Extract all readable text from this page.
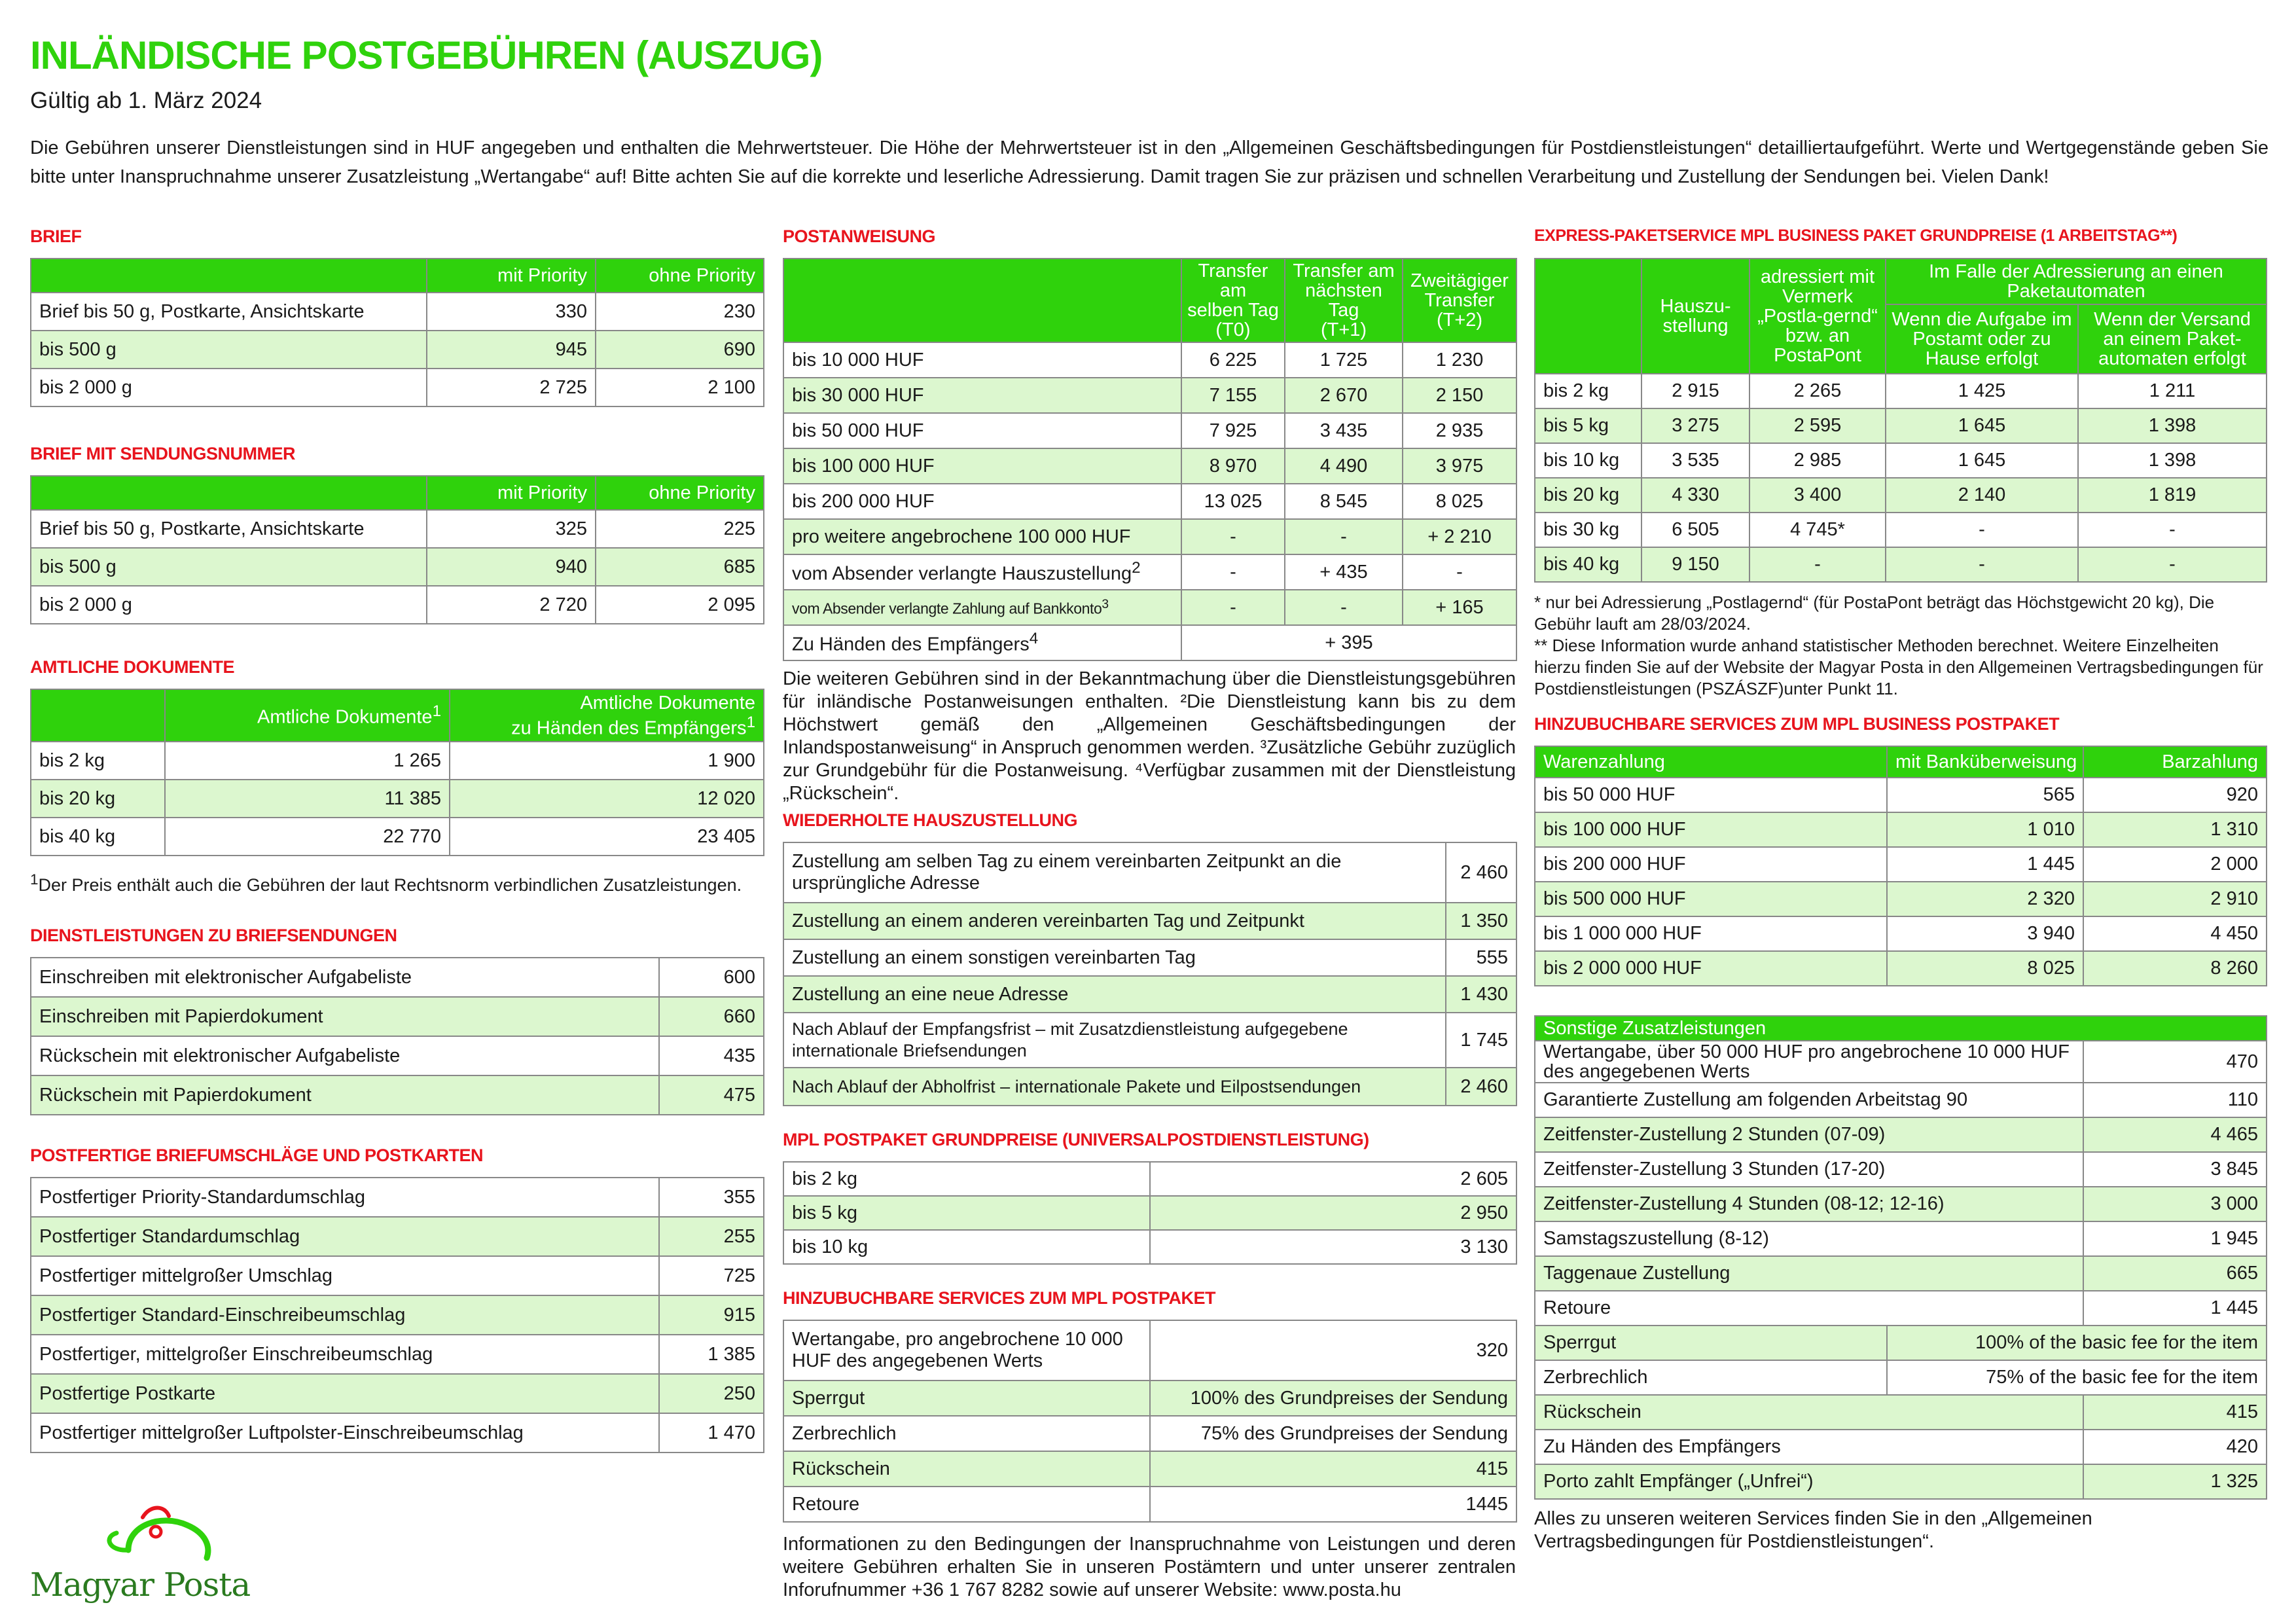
INLÄNDISCHE POSTGEBÜHREN (AUSZUG)

Gültig ab 1. März 2024

Die Gebühren unserer Dienstleistungen sind in HUF angegeben und enthalten die Mehrwertsteuer. Die Höhe der Mehrwertsteuer ist in den „Allgemeinen Geschäftsbedingungen für Postdienstleistungen“ detailliertaufgeführt. Werte und Wertgegenstände geben Sie bitte unter Inanspruchnahme unserer Zusatzleistung „Wertangabe“ auf! Bitte achten Sie auf die korrekte und leserliche Adressierung. Damit tragen Sie zur präzisen und schnellen Verarbeitung und Zustellung der Sendungen bei. Vielen Dank!

BRIEF
	mit Priority	ohne Priority
Brief bis 50 g, Postkarte, Ansichtskarte	330	230
bis 500 g	945	690
bis 2 000 g	2 725	2 100
BRIEF MIT SENDUNGSNUMMER
	mit Priority	ohne Priority
Brief bis 50 g, Postkarte, Ansichtskarte	325	225
bis 500 g	940	685
bis 2 000 g	2 720	2 095
AMTLICHE DOKUMENTE
	Amtliche Dokumente$^1$	Amtliche Dokumente
zu Händen des Empfängers$^1$
bis 2 kg	1 265	1 900
bis 20 kg	11 385	12 020
bis 40 kg	22 770	23 405

$^1$Der Preis enthält auch die Gebühren der laut Rechtsnorm verbindlichen Zusatzleistungen.

DIENSTLEISTUNGEN ZU BRIEFSENDUNGEN
Einschreiben mit elektronischer Aufgabeliste	600
Einschreiben mit Papierdokument	660
Rückschein mit elektronischer Aufgabeliste	435
Rückschein mit Papierdokument	475
POSTFERTIGE BRIEFUMSCHLÄGE UND POSTKARTEN
Postfertiger Priority-Standardumschlag	355
Postfertiger Standardumschlag	255
Postfertiger mittelgroßer Umschlag	725
Postfertiger Standard-Einschreibeumschlag	915
Postfertiger, mittelgroßer Einschreibeumschlag	1 385
Postfertige Postkarte	250
Postfertiger mittelgroßer Luftpolster-Einschreibeumschlag	1 470
Magyar Posta
POSTANWEISUNG
	Transfer am
selben Tag
(T0)	Transfer am
nächsten Tag
(T+1)	Zweitägiger
Transfer
(T+2)
bis 10 000 HUF	6 225	1 725	1 230
bis 30 000 HUF	7 155	2 670	2 150
bis 50 000 HUF	7 925	3 435	2 935
bis 100 000 HUF	8 970	4 490	3 975
bis 200 000 HUF	13 025	8 545	8 025
pro weitere angebrochene 100 000 HUF	-	-	+ 2 210
vom Absender verlangte Hauszustellung$^2$	-	+ 435	-
vom Absender verlangte Zahlung auf Bankkonto$^3$	-	-	+ 165
Zu Händen des Empfängers$^4$	+ 395		

Die weiteren Gebühren sind in der Bekanntmachung über die Dienstleistungsgebühren für inländische Postanweisungen enthalten. ²Die Dienstleistung kann bis zu dem Höchstwert gemäß den „Allgemeinen Geschäftsbedingungen der Inlandspostanweisung“ in Anspruch genommen werden. ³Zusätzliche Gebühr zuzüglich zur Grundgebühr für die Postanweisung. ⁴Verfügbar zusammen mit der Dienstleistung „Rückschein“.

WIEDERHOLTE HAUSZUSTELLUNG
Zustellung am selben Tag zu einem vereinbarten Zeitpunkt an die ursprüngliche Adresse	2 460
Zustellung an einem anderen vereinbarten Tag und Zeitpunkt	1 350
Zustellung an einem sonstigen vereinbarten Tag	555
Zustellung an eine neue Adresse	1 430
Nach Ablauf der Empfangsfrist – mit Zusatzdienstleistung aufgegebene internationale Briefsendungen	1 745
Nach Ablauf der Abholfrist – internationale Pakete und Eilpostsendungen	2 460
MPL POSTPAKET GRUNDPREISE (UNIVERSALPOSTDIENSTLEISTUNG)
bis 2 kg	2 605
bis 5 kg	2 950
bis 10 kg	3 130
HINZUBUCHBARE SERVICES ZUM MPL POSTPAKET
Wertangabe, pro angebrochene 10 000 HUF des angegebenen Werts	320
Sperrgut	100% des Grundpreises der Sendung
Zerbrechlich	75% des Grundpreises der Sendung
Rückschein	415
Retoure	1445

Informationen zu den Bedingungen der Inanspruchnahme von Leistungen und deren weitere Gebühren erhalten Sie in unseren Postämtern und unter unserer zentralen Inforufnummer +36 1 767 8282 sowie auf unserer Website: www.posta.hu

EXPRESS-PAKETSERVICE MPL BUSINESS PAKET GRUNDPREISE (1 ARBEITSTAG**)
	Hauszu-stellung	adressiert mit Vermerk „Postla-gernd“ bzw. an PostaPont	Im Falle der Adressierung an einen Paketautomaten	
			Wenn die Aufgabe im Postamt oder zu Hause erfolgt	Wenn der Versand an einem Paket-automaten erfolgt
bis 2 kg	2 915	2 265	1 425	1 211
bis 5 kg	3 275	2 595	1 645	1 398
bis 10 kg	3 535	2 985	1 645	1 398
bis 20 kg	4 330	3 400	2 140	1 819
bis 30 kg	6 505	4 745*	-	-
bis 40 kg	9 150	-	-	-

* nur bei Adressierung „Postlagernd“ (für PostaPont beträgt das Höchstgewicht 20 kg), Die Gebühr lauft am 28/03/2024.
** Diese Information wurde anhand statistischer Methoden berechnet. Weitere Einzelheiten hierzu finden Sie auf der Website der Magyar Posta in den Allgemeinen Vertragsbedingungen für Postdienstleistungen (PSZÁSZF)unter Punkt 11.

HINZUBUCHBARE SERVICES ZUM MPL BUSINESS POSTPAKET
Warenzahlung	mit Banküberweisung	Barzahlung
bis 50 000 HUF	565	920
bis 100 000 HUF	1 010	1 310
bis 200 000 HUF	1 445	2 000
bis 500 000 HUF	2 320	2 910
bis 1 000 000 HUF	3 940	4 450
bis 2 000 000 HUF	8 025	8 260
Sonstige Zusatzleistungen		
Wertangabe, über 50 000 HUF pro angebrochene 10 000 HUF des angegebenen Werts		470
Garantierte Zustellung am folgenden Arbeitstag 90		110
Zeitfenster-Zustellung 2 Stunden (07-09)		4 465
Zeitfenster-Zustellung 3 Stunden (17-20)		3 845
Zeitfenster-Zustellung 4 Stunden (08-12; 12-16)		3 000
Samstagszustellung (8-12)		1 945
Taggenaue Zustellung		665
Retoure		1 445
Sperrgut	100% of the basic fee for the item	
Zerbrechlich	75% of the basic fee for the item	
Rückschein		415
Zu Händen des Empfängers		420
Porto zahlt Empfänger („Unfrei“)		1 325

Alles zu unseren weiteren Services finden Sie in den „Allgemeinen Vertragsbedingungen für Postdienstleistungen“.
